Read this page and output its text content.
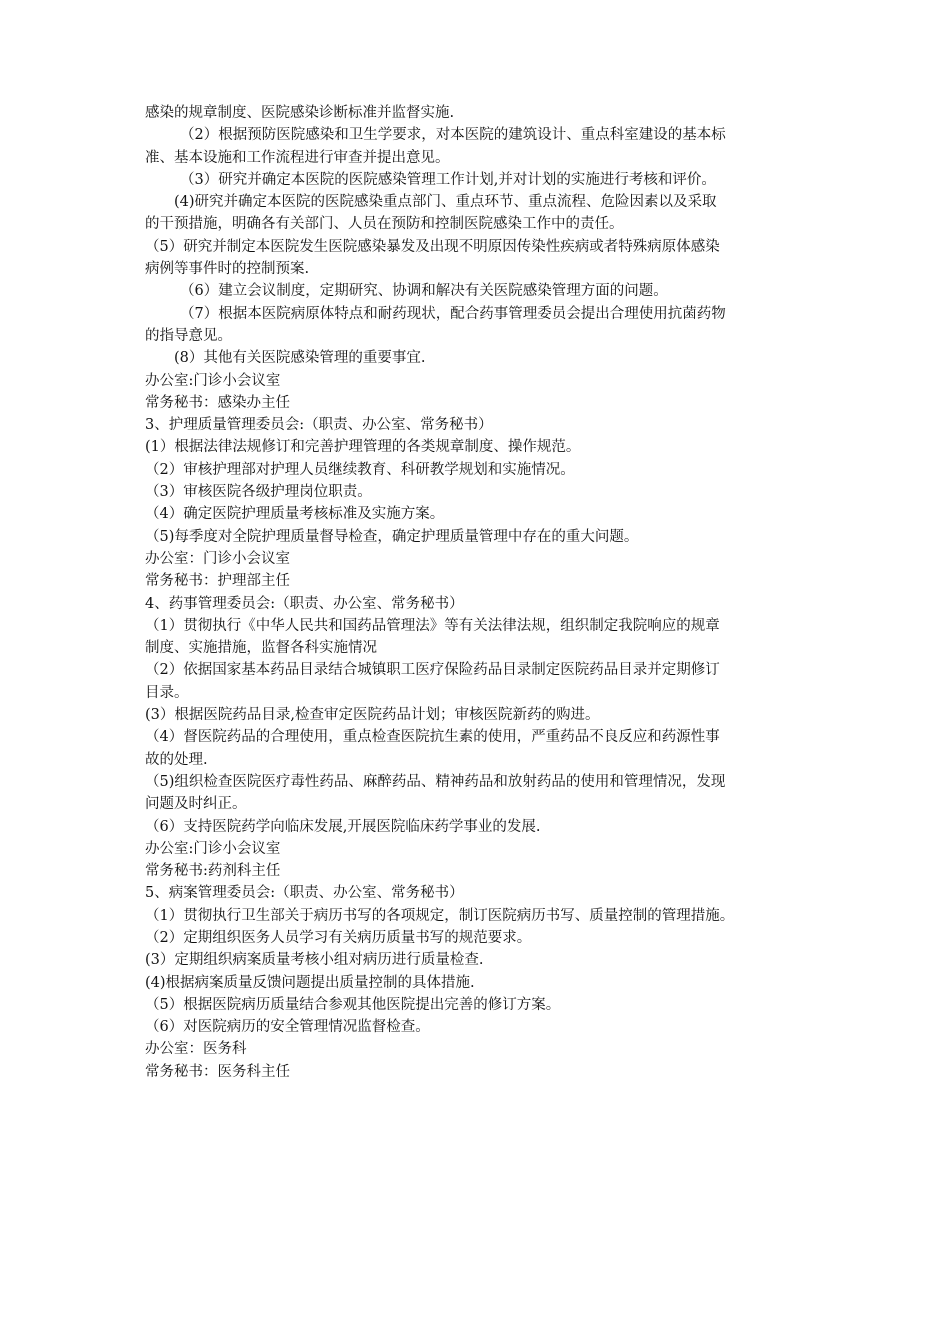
感染的规章制度、医院感染诊断标准并监督实施.
（2）根据预防医院感染和卫生学要求，对本医院的建筑设计、重点科室建设的基本标
准、基本设施和工作流程进行审查并提出意见。
（3）研究并确定本医院的医院感染管理工作计划,并对计划的实施进行考核和评价。
(4)研究并确定本医院的医院感染重点部门、重点环节、重点流程、危险因素以及采取
的干预措施，明确各有关部门、人员在预防和控制医院感染工作中的责任。
（5）研究并制定本医院发生医院感染暴发及出现不明原因传染性疾病或者特殊病原体感染
病例等事件时的控制预案.
（6）建立会议制度，定期研究、协调和解决有关医院感染管理方面的问题。
（7）根据本医院病原体特点和耐药现状，配合药事管理委员会提出合理使用抗菌药物
的指导意见。
(8）其他有关医院感染管理的重要事宜.
办公室:门诊小会议室
常务秘书：感染办主任
3、护理质量管理委员会:（职责、办公室、常务秘书）
(1）根据法律法规修订和完善护理管理的各类规章制度、操作规范。
（2）审核护理部对护理人员继续教育、科研教学规划和实施情况。
（3）审核医院各级护理岗位职责。
（4）确定医院护理质量考核标准及实施方案。
（5)每季度对全院护理质量督导检查，确定护理质量管理中存在的重大问题。
办公室：门诊小会议室
常务秘书：护理部主任
4、药事管理委员会:（职责、办公室、常务秘书）
（1）贯彻执行《中华人民共和国药品管理法》等有关法律法规，组织制定我院响应的规章
制度、实施措施，监督各科实施情况
（2）依据国家基本药品目录结合城镇职工医疗保险药品目录制定医院药品目录并定期修订
目录。
(3）根据医院药品目录,检查审定医院药品计划；审核医院新药的购进。
（4）督医院药品的合理使用，重点检查医院抗生素的使用，严重药品不良反应和药源性事
故的处理.
（5)组织检查医院医疗毒性药品、麻醉药品、精神药品和放射药品的使用和管理情况，发现
问题及时纠正。
（6）支持医院药学向临床发展,开展医院临床药学事业的发展.
办公室:门诊小会议室
常务秘书:药剂科主任
5、病案管理委员会:（职责、办公室、常务秘书）
（1）贯彻执行卫生部关于病历书写的各项规定，制订医院病历书写、质量控制的管理措施。
（2）定期组织医务人员学习有关病历质量书写的规范要求。
(3）定期组织病案质量考核小组对病历进行质量检查.
(4)根据病案质量反馈问题提出质量控制的具体措施.
（5）根据医院病历质量结合参观其他医院提出完善的修订方案。
（6）对医院病历的安全管理情况监督检查。
办公室：医务科
常务秘书：医务科主任
